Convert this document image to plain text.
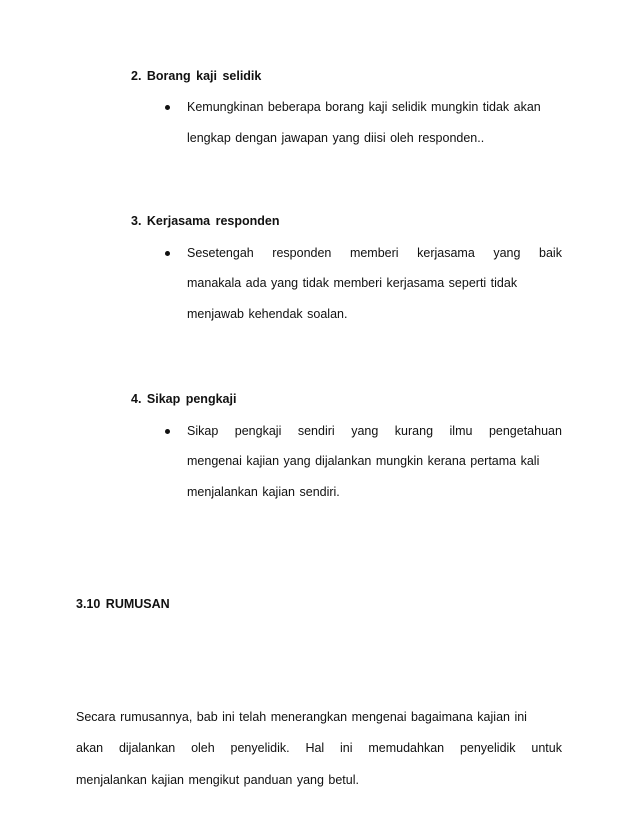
2. Borang kaji selidik
Kemungkinan beberapa borang kaji selidik mungkin tidak akan
lengkap dengan jawapan yang diisi oleh responden..
3. Kerjasama responden
Sesetengah responden memberi kerjasama yang baik
manakala ada yang tidak memberi kerjasama seperti tidak
menjawab kehendak soalan.
4. Sikap pengkaji
Sikap pengkaji sendiri yang kurang ilmu pengetahuan
mengenai kajian yang dijalankan mungkin kerana pertama kali
menjalankan kajian sendiri.
3.10 RUMUSAN
Secara rumusannya, bab ini telah menerangkan mengenai bagaimana kajian ini
akan dijalankan oleh penyelidik. Hal ini memudahkan penyelidik untuk
menjalankan kajian mengikut panduan yang betul.
